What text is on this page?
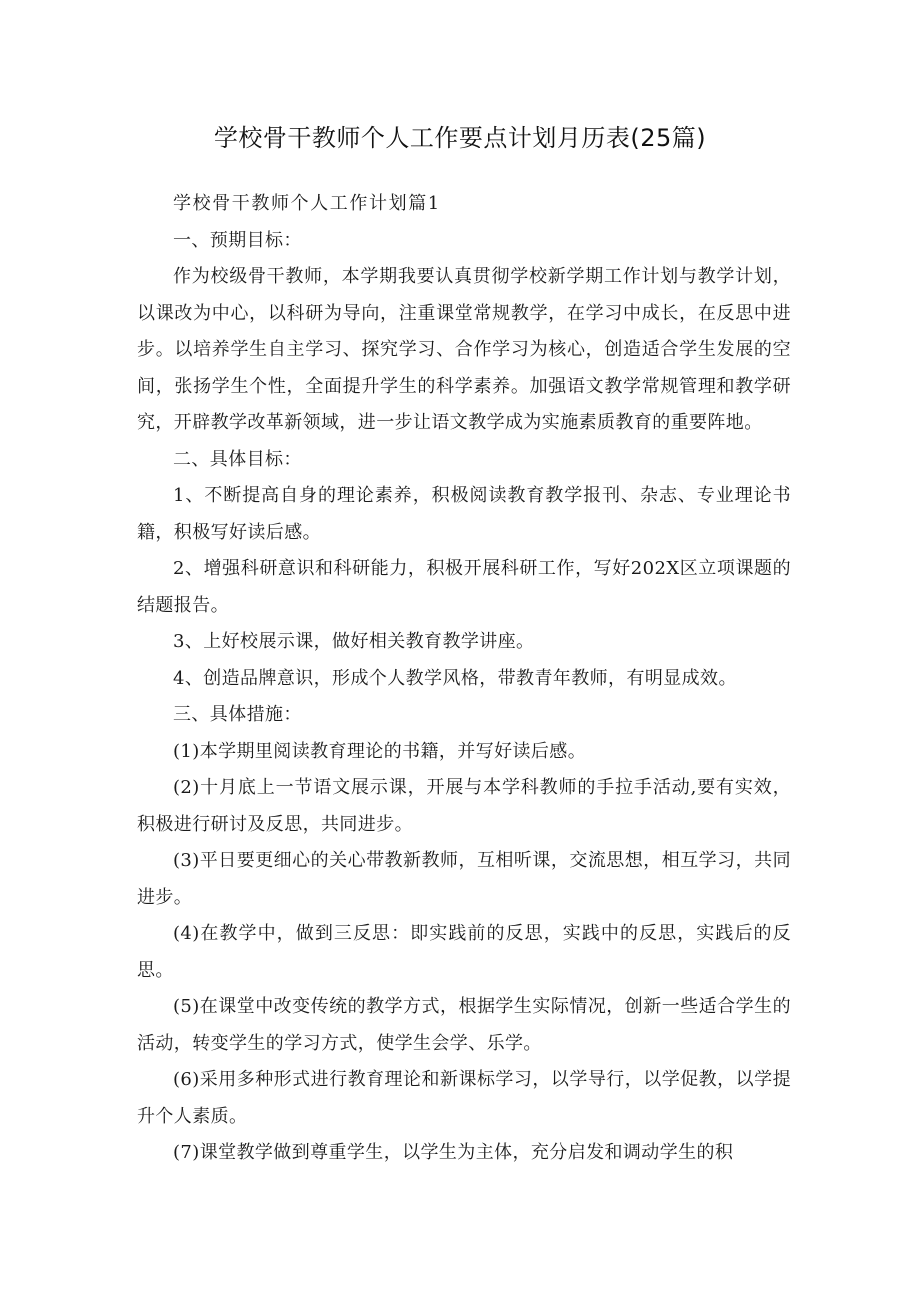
学校骨干教师个人工作要点计划月历表(25篇)

学校骨干教师个人工作计划篇1

一、预期目标：

作为校级骨干教师，本学期我要认真贯彻学校新学期工作计划与教学计划，以课改为中心，以科研为导向，注重课堂常规教学，在学习中成长，在反思中进步。以培养学生自主学习、探究学习、合作学习为核心，创造适合学生发展的空间，张扬学生个性，全面提升学生的科学素养。加强语文教学常规管理和教学研究，开辟教学改革新领域，进一步让语文教学成为实施素质教育的重要阵地。

二、具体目标：

1、不断提高自身的理论素养，积极阅读教育教学报刊、杂志、专业理论书籍，积极写好读后感。

2、增强科研意识和科研能力，积极开展科研工作，写好202X区立项课题的结题报告。

3、上好校展示课，做好相关教育教学讲座。

4、创造品牌意识，形成个人教学风格，带教青年教师，有明显成效。

三、具体措施：

(1)本学期里阅读教育理论的书籍，并写好读后感。

(2)十月底上一节语文展示课，开展与本学科教师的手拉手活动,要有实效，积极进行研讨及反思，共同进步。

(3)平日要更细心的关心带教新教师，互相听课，交流思想，相互学习，共同进步。

(4)在教学中，做到三反思：即实践前的反思，实践中的反思，实践后的反思。

(5)在课堂中改变传统的教学方式，根据学生实际情况，创新一些适合学生的活动，转变学生的学习方式，使学生会学、乐学。

(6)采用多种形式进行教育理论和新课标学习，以学导行，以学促教，以学提升个人素质。

(7)课堂教学做到尊重学生，以学生为主体，充分启发和调动学生的积
